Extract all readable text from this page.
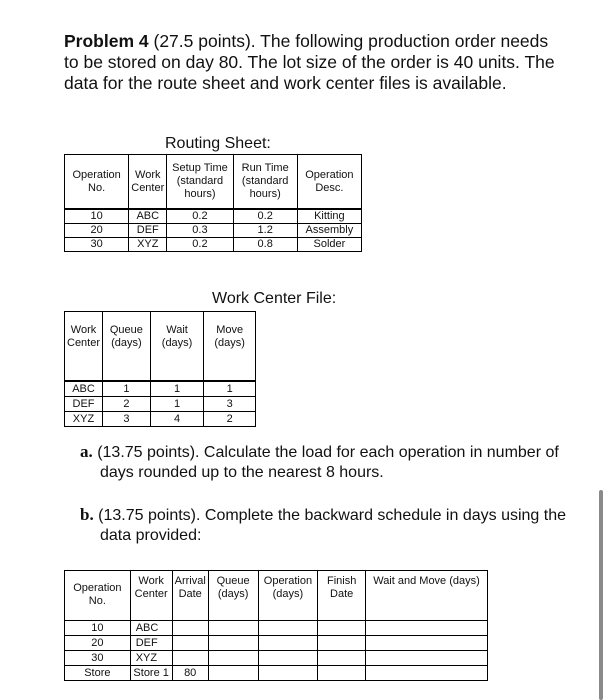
Problem 4 (27.5 points). The following production order needs to be stored on day 80. The lot size of the order is 40 units. The data for the route sheet and work center files is available.

Routing Sheet:
Operation No.	Work Center	Setup Time (standard hours)	Run Time (standard hours)	Operation Desc.
10	ABC	0.2	0.2	Kitting
20	DEF	0.3	1.2	Assembly
30	XYZ	0.2	0.8	Solder
Work Center File:
Work Center	Queue (days)	Wait (days)	Move (days)
ABC	1	1	1
DEF	2	1	3
XYZ	3	4	2

a. (13.75 points). Calculate the load for each operation in number of days rounded up to the nearest 8 hours.

b. (13.75 points). Complete the backward schedule in days using the data provided:

Operation No.	Work Center	Arrival Date	Queue (days)	Operation (days)	Finish Date	Wait and Move (days)
10	ABC					
20	DEF					
30	XYZ					
Store	Store 1	80				
